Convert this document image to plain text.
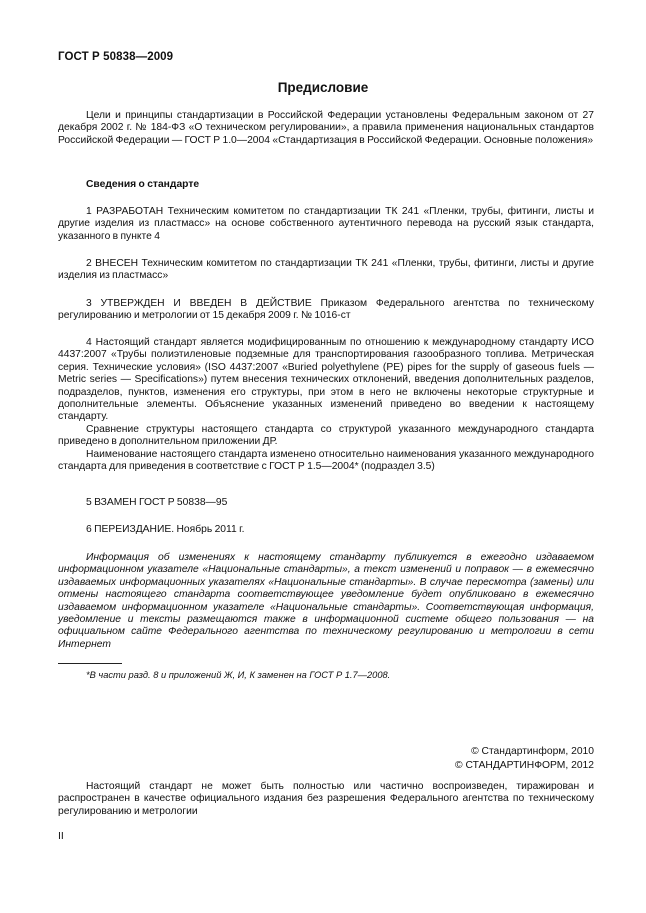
ГОСТ Р 50838—2009
Предисловие

Цели и принципы стандартизации в Российской Федерации установлены Федеральным законом от 27 декабря 2002 г. № 184-ФЗ «О техническом регулировании», а правила применения национальных стандартов Российской Федерации — ГОСТ Р 1.0—2004 «Стандартизация в Российской Федерации. Основные положения»

Сведения о стандарте

1 РАЗРАБОТАН Техническим комитетом по стандартизации ТК 241 «Пленки, трубы, фитинги, листы и другие изделия из пластмасс» на основе собственного аутентичного перевода на русский язык стандарта, указанного в пункте 4

2 ВНЕСЕН Техническим комитетом по стандартизации ТК 241 «Пленки, трубы, фитинги, листы и другие изделия из пластмасс»

3 УТВЕРЖДЕН И ВВЕДЕН В ДЕЙСТВИЕ Приказом Федерального агентства по техническому регулированию и метрологии от 15 декабря 2009 г. № 1016-ст

4 Настоящий стандарт является модифицированным по отношению к международному стандарту ИСО 4437:2007 «Трубы полиэтиленовые подземные для транспортирования газообразного топлива. Метрическая серия. Технические условия» (ISO 4437:2007 «Buried polyethylene (PE) pipes for the supply of gaseous fuels — Metric series — Specifications») путем внесения технических отклонений, введения дополнительных разделов, подразделов, пунктов, изменения его структуры, при этом в него не включены некоторые структурные и дополнительные элементы. Объяснение указанных изменений приведено во введении к настоящему стандарту.

Сравнение структуры настоящего стандарта со структурой указанного международного стандарта приведено в дополнительном приложении ДР.

Наименование настоящего стандарта изменено относительно наименования указанного международного стандарта для приведения в соответствие с ГОСТ Р 1.5—2004* (подраздел 3.5)

5 ВЗАМЕН ГОСТ Р 50838—95

6 ПЕРЕИЗДАНИЕ. Ноябрь 2011 г.

Информация об изменениях к настоящему стандарту публикуется в ежегодно издаваемом информационном указателе «Национальные стандарты», а текст изменений и поправок — в ежемесячно издаваемых информационных указателях «Национальные стандарты». В случае пересмотра (замены) или отмены настоящего стандарта соответствующее уведомление будет опубликовано в ежемесячно издаваемом информационном указателе «Национальные стандарты». Соответствующая информация, уведомление и тексты размещаются также в информационной системе общего пользования — на официальном сайте Федерального агентства по техническому регулированию и метрологии в сети Интернет

*В части разд. 8 и приложений Ж, И, К заменен на ГОСТ Р 1.7—2008.
© Стандартинформ, 2010
© СТАНДАРТИНФОРМ, 2012

Настоящий стандарт не может быть полностью или частично воспроизведен, тиражирован и распространен в качестве официального издания без разрешения Федерального агентства по техническому регулированию и метрологии

II
